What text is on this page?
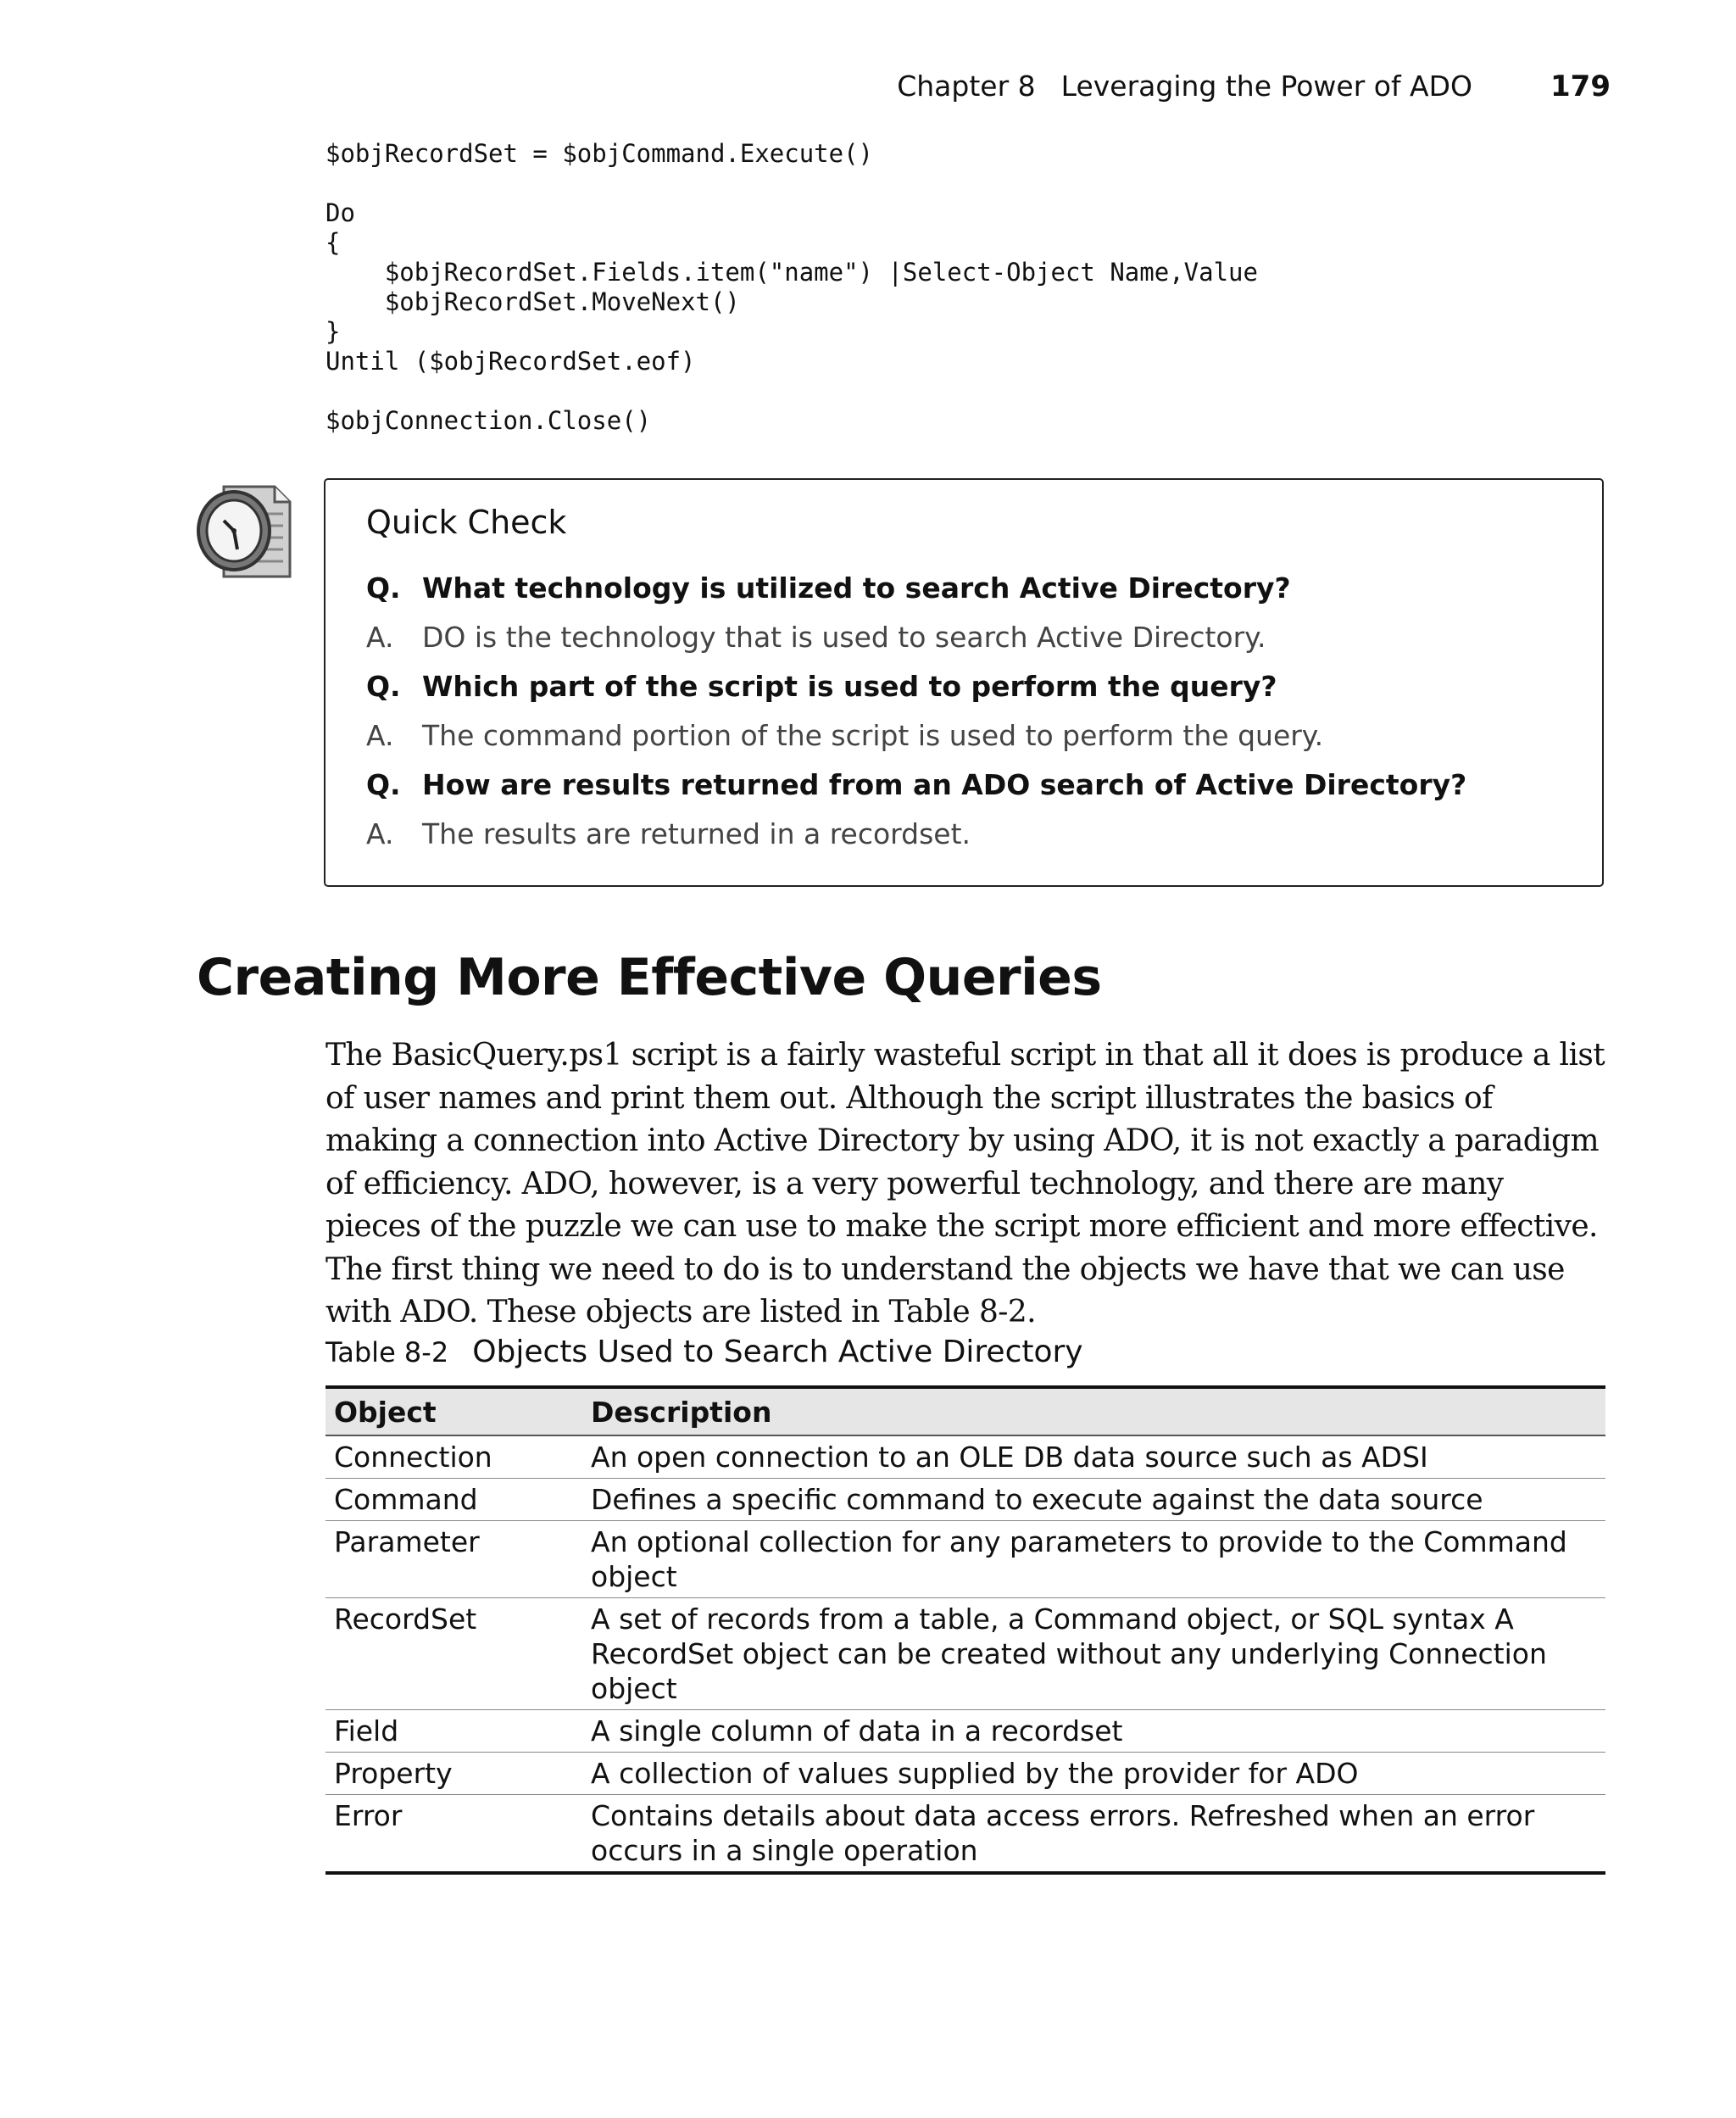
Chapter 8 Leveraging the Power of ADO	179
$objRecordSet = $objCommand.Execute()

Do
{
$objRecordSet.Fields.item("name") |Select-Object Name,Value
$objRecordSet.MoveNext()
}
Until ($objRecordSet.eof)

$objConnection.Close()
Quick Check
Q. What technology is utilized to search Active Directory?
A.	DO is the technology that is used to search Active Directory.
Q. Which part of the script is used to perform the query?
A.	The command portion of the script is used to perform the query.
Q. How are results returned from an ADO search of Active Directory?
A.	The results are returned in a recordset.
Creating More Effective Queries

The BasicQuery.ps1 script is a fairly wasteful script in that all it does is produce a list of user names and print them out. Although the script illustrates the basics of making a connection into Active Directory by using ADO, it is not exactly a paradigm of efficiency. ADO, however, is a very powerful technology, and there are many pieces of the puzzle we can use to make the script more efficient and more effective. The first thing we need to do is to understand the objects we have that we can use with ADO. These objects are listed in Table 8-2.

Table 8-2 Objects Used to Search Active Directory
Object	Description
Connection	An open connection to an OLE DB data source such as ADSI
Command	Defines a specific command to execute against the data source
Parameter	An optional collection for any parameters to provide to the Command object
RecordSet	A set of records from a table, a Command object, or SQL syntax A RecordSet object can be created without any underlying Connection object
Field	A single column of data in a recordset
Property	A collection of values supplied by the provider for ADO
Error	Contains details about data access errors. Refreshed when an error occurs in a single operation
